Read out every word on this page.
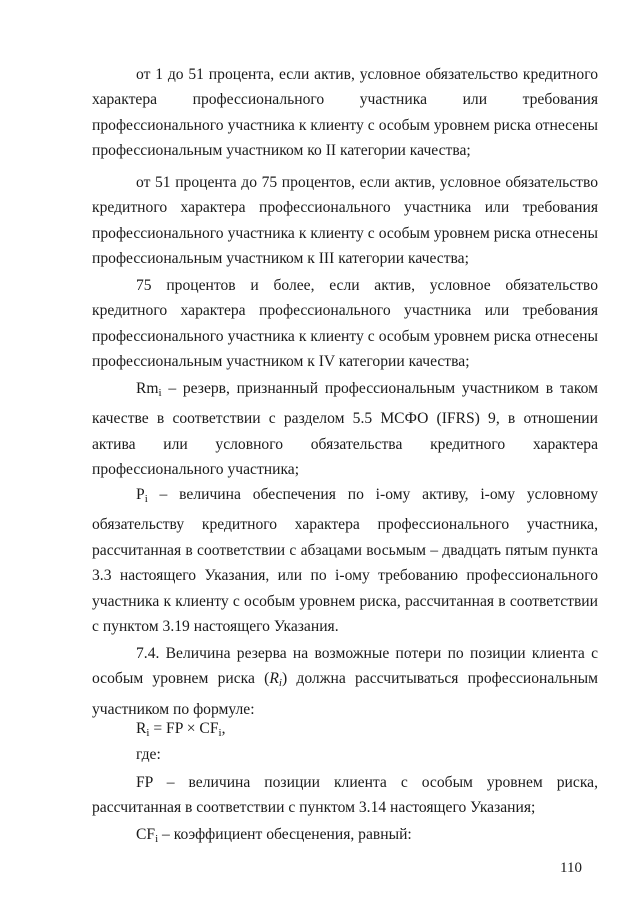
от 1 до 51 процента, если актив, условное обязательство кредитного характера профессионального участника или требования профессионального участника к клиенту с особым уровнем риска отнесены профессиональным участником ко II категории качества;

от 51 процента до 75 процентов, если актив, условное обязательство кредитного характера профессионального участника или требования профессионального участника к клиенту с особым уровнем риска отнесены профессиональным участником к III категории качества;

75 процентов и более, если актив, условное обязательство кредитного характера профессионального участника или требования профессионального участника к клиенту с особым уровнем риска отнесены профессиональным участником к IV категории качества;

$Rm_i$ – резерв, признанный профессиональным участником в таком качестве в соответствии с разделом 5.5 МСФО (IFRS) 9, в отношении актива или условного обязательства кредитного характера профессионального участника;

$P_i$ – величина обеспечения по i-ому активу, i-ому условному обязательству кредитного характера профессионального участника, рассчитанная в соответствии с абзацами восьмым – двадцать пятым пункта 3.3 настоящего Указания, или по i-ому требованию профессионального участника к клиенту с особым уровнем риска, рассчитанная в соответствии с пунктом 3.19 настоящего Указания.

7.4. Величина резерва на возможные потери по позиции клиента с особым уровнем риска $(R_i)$ должна рассчитываться профессиональным участником по формуле:

$R_i$ = FP × $CF_i$,

где:

FP – величина позиции клиента с особым уровнем риска, рассчитанная в соответствии с пунктом 3.14 настоящего Указания;

$CF_i$ – коэффициент обесценения, равный:

110
